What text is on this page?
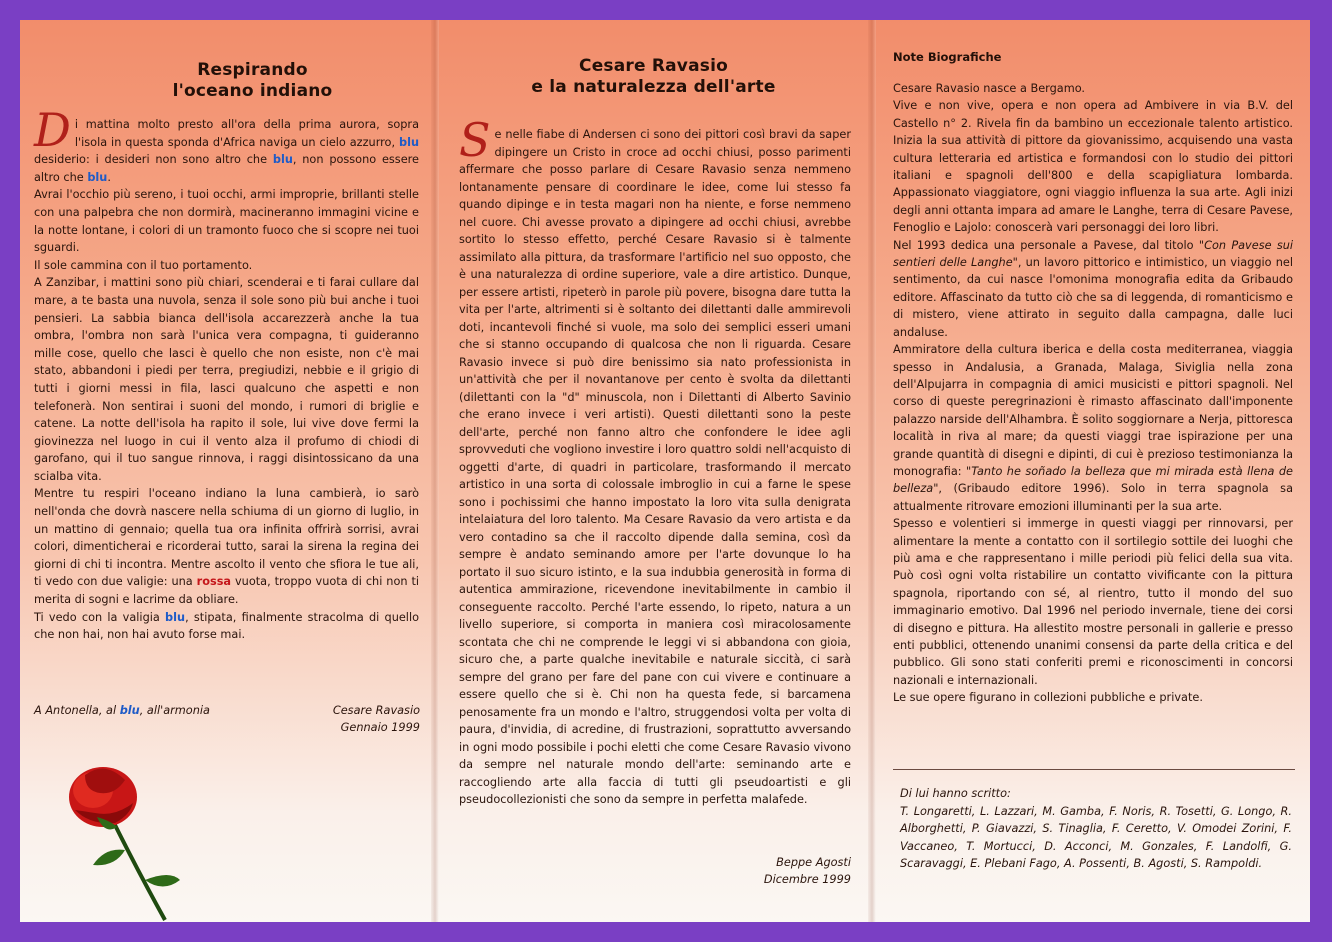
Respirando
l'oceano indiano

Di mattina molto presto all'ora della prima aurora, sopra l'isola in questa sponda d'Africa naviga un cielo azzurro, blu desiderio: i desideri non sono altro che blu, non possono essere altro che blu.

Avrai l'occhio più sereno, i tuoi occhi, armi improprie, brillanti stelle con una palpebra che non dormirà, macineranno immagini vicine e la notte lontane, i colori di un tramonto fuoco che si scopre nei tuoi sguardi.

Il sole cammina con il tuo portamento.

A Zanzibar, i mattini sono più chiari, scenderai e ti farai cullare dal mare, a te basta una nuvola, senza il sole sono più bui anche i tuoi pensieri. La sabbia bianca dell'isola accarezzerà anche la tua ombra, l'ombra non sarà l'unica vera compagna, ti guideranno mille cose, quello che lasci è quello che non esiste, non c'è mai stato, abbandoni i piedi per terra, pregiudizi, nebbie e il grigio di tutti i giorni messi in fila, lasci qualcuno che aspetti e non telefonerà. Non sentirai i suoni del mondo, i rumori di briglie e catene. La notte dell'isola ha rapito il sole, lui vive dove fermi la giovinezza nel luogo in cui il vento alza il profumo di chiodi di garofano, qui il tuo sangue rinnova, i raggi disintossicano da una scialba vita.

Mentre tu respiri l'oceano indiano la luna cambierà, io sarò nell'onda che dovrà nascere nella schiuma di un giorno di luglio, in un mattino di gennaio; quella tua ora infinita offrirà sorrisi, avrai colori, dimenticherai e ricorderai tutto, sarai la sirena la regina dei giorni di chi ti incontra. Mentre ascolto il vento che sfiora le tue ali, ti vedo con due valigie: una rossa vuota, troppo vuota di chi non ti merita di sogni e lacrime da obliare.

Ti vedo con la valigia blu, stipata, finalmente stracolma di quello che non hai, non hai avuto forse mai.

A Antonella, al blu, all'armonia	Cesare Ravasio
Gennaio 1999
Cesare Ravasio
e la naturalezza dell'arte

Se nelle fiabe di Andersen ci sono dei pittori così bravi da saper dipingere un Cristo in croce ad occhi chiusi, posso parimenti affermare che posso parlare di Cesare Ravasio senza nemmeno lontanamente pensare di coordinare le idee, come lui stesso fa quando dipinge e in testa magari non ha niente, e forse nemmeno nel cuore. Chi avesse provato a dipingere ad occhi chiusi, avrebbe sortito lo stesso effetto, perché Cesare Ravasio si è talmente assimilato alla pittura, da trasformare l'artificio nel suo opposto, che è una naturalezza di ordine superiore, vale a dire artistico. Dunque, per essere artisti, ripeterò in parole più povere, bisogna dare tutta la vita per l'arte, altrimenti si è soltanto dei dilettanti dalle ammirevoli doti, incantevoli finché si vuole, ma solo dei semplici esseri umani che si stanno occupando di qualcosa che non li riguarda. Cesare Ravasio invece si può dire benissimo sia nato professionista in un'attività che per il novantanove per cento è svolta da dilettanti (dilettanti con la "d" minuscola, non i Dilettanti di Alberto Savinio che erano invece i veri artisti). Questi dilettanti sono la peste dell'arte, perché non fanno altro che confondere le idee agli sprovveduti che vogliono investire i loro quattro soldi nell'acquisto di oggetti d'arte, di quadri in particolare, trasformando il mercato artistico in una sorta di colossale imbroglio in cui a farne le spese sono i pochissimi che hanno impostato la loro vita sulla denigrata intelaiatura del loro talento. Ma Cesare Ravasio da vero artista e da vero contadino sa che il raccolto dipende dalla semina, così da sempre è andato seminando amore per l'arte dovunque lo ha portato il suo sicuro istinto, e la sua indubbia generosità in forma di autentica ammirazione, ricevendone inevitabilmente in cambio il conseguente raccolto. Perché l'arte essendo, lo ripeto, natura a un livello superiore, si comporta in maniera così miracolosamente scontata che chi ne comprende le leggi vi si abbandona con gioia, sicuro che, a parte qualche inevitabile e naturale siccità, ci sarà sempre del grano per fare del pane con cui vivere e continuare a essere quello che si è. Chi non ha questa fede, si barcamena penosamente fra un mondo e l'altro, struggendosi volta per volta di paura, d'invidia, di acredine, di frustrazioni, soprattutto avversando in ogni modo possibile i pochi eletti che come Cesare Ravasio vivono da sempre nel naturale mondo dell'arte: seminando arte e raccogliendo arte alla faccia di tutti gli pseudoartisti e gli pseudocollezionisti che sono da sempre in perfetta malafede.

Beppe Agosti
Dicembre 1999
Note Biografiche

Cesare Ravasio nasce a Bergamo.

Vive e non vive, opera e non opera ad Ambivere in via B.V. del Castello n° 2. Rivela fin da bambino un eccezionale talento artistico. Inizia la sua attività di pittore da giovanissimo, acquisendo una vasta cultura letteraria ed artistica e formandosi con lo studio dei pittori italiani e spagnoli dell'800 e della scapigliatura lombarda. Appassionato viaggiatore, ogni viaggio influenza la sua arte. Agli inizi degli anni ottanta impara ad amare le Langhe, terra di Cesare Pavese, Fenoglio e Lajolo: conoscerà vari personaggi dei loro libri.

Nel 1993 dedica una personale a Pavese, dal titolo "Con Pavese sui sentieri delle Langhe", un lavoro pittorico e intimistico, un viaggio nel sentimento, da cui nasce l'omonima monografia edita da Gribaudo editore. Affascinato da tutto ciò che sa di leggenda, di romanticismo e di mistero, viene attirato in seguito dalla campagna, dalle luci andaluse.

Ammiratore della cultura iberica e della costa mediterranea, viaggia spesso in Andalusia, a Granada, Malaga, Siviglia nella zona dell'Alpujarra in compagnia di amici musicisti e pittori spagnoli. Nel corso di queste peregrinazioni è rimasto affascinato dall'imponente palazzo narside dell'Alhambra. È solito soggiornare a Nerja, pittoresca località in riva al mare; da questi viaggi trae ispirazione per una grande quantità di disegni e dipinti, di cui è prezioso testimonianza la monografia: "Tanto he soñado la belleza que mi mirada està llena de belleza", (Gribaudo editore 1996). Solo in terra spagnola sa attualmente ritrovare emozioni illuminanti per la sua arte.

Spesso e volentieri si immerge in questi viaggi per rinnovarsi, per alimentare la mente a contatto con il sortilegio sottile dei luoghi che più ama e che rappresentano i mille periodi più felici della sua vita. Può così ogni volta ristabilire un contatto vivificante con la pittura spagnola, riportando con sé, al rientro, tutto il mondo del suo immaginario emotivo. Dal 1996 nel periodo invernale, tiene dei corsi di disegno e pittura. Ha allestito mostre personali in gallerie e presso enti pubblici, ottenendo unanimi consensi da parte della critica e del pubblico. Gli sono stati conferiti premi e riconoscimenti in concorsi nazionali e internazionali.

Le sue opere figurano in collezioni pubbliche e private.

Di lui hanno scritto:
T. Longaretti, L. Lazzari, M. Gamba, F. Noris, R. Tosetti, G. Longo, R. Alborghetti, P. Giavazzi, S. Tinaglia, F. Ceretto, V. Omodei Zorini, F. Vaccaneo, T. Mortucci, D. Acconci, M. Gonzales, F. Landolfi, G. Scaravaggi, E. Plebani Fago, A. Possenti, B. Agosti, S. Rampoldi.
